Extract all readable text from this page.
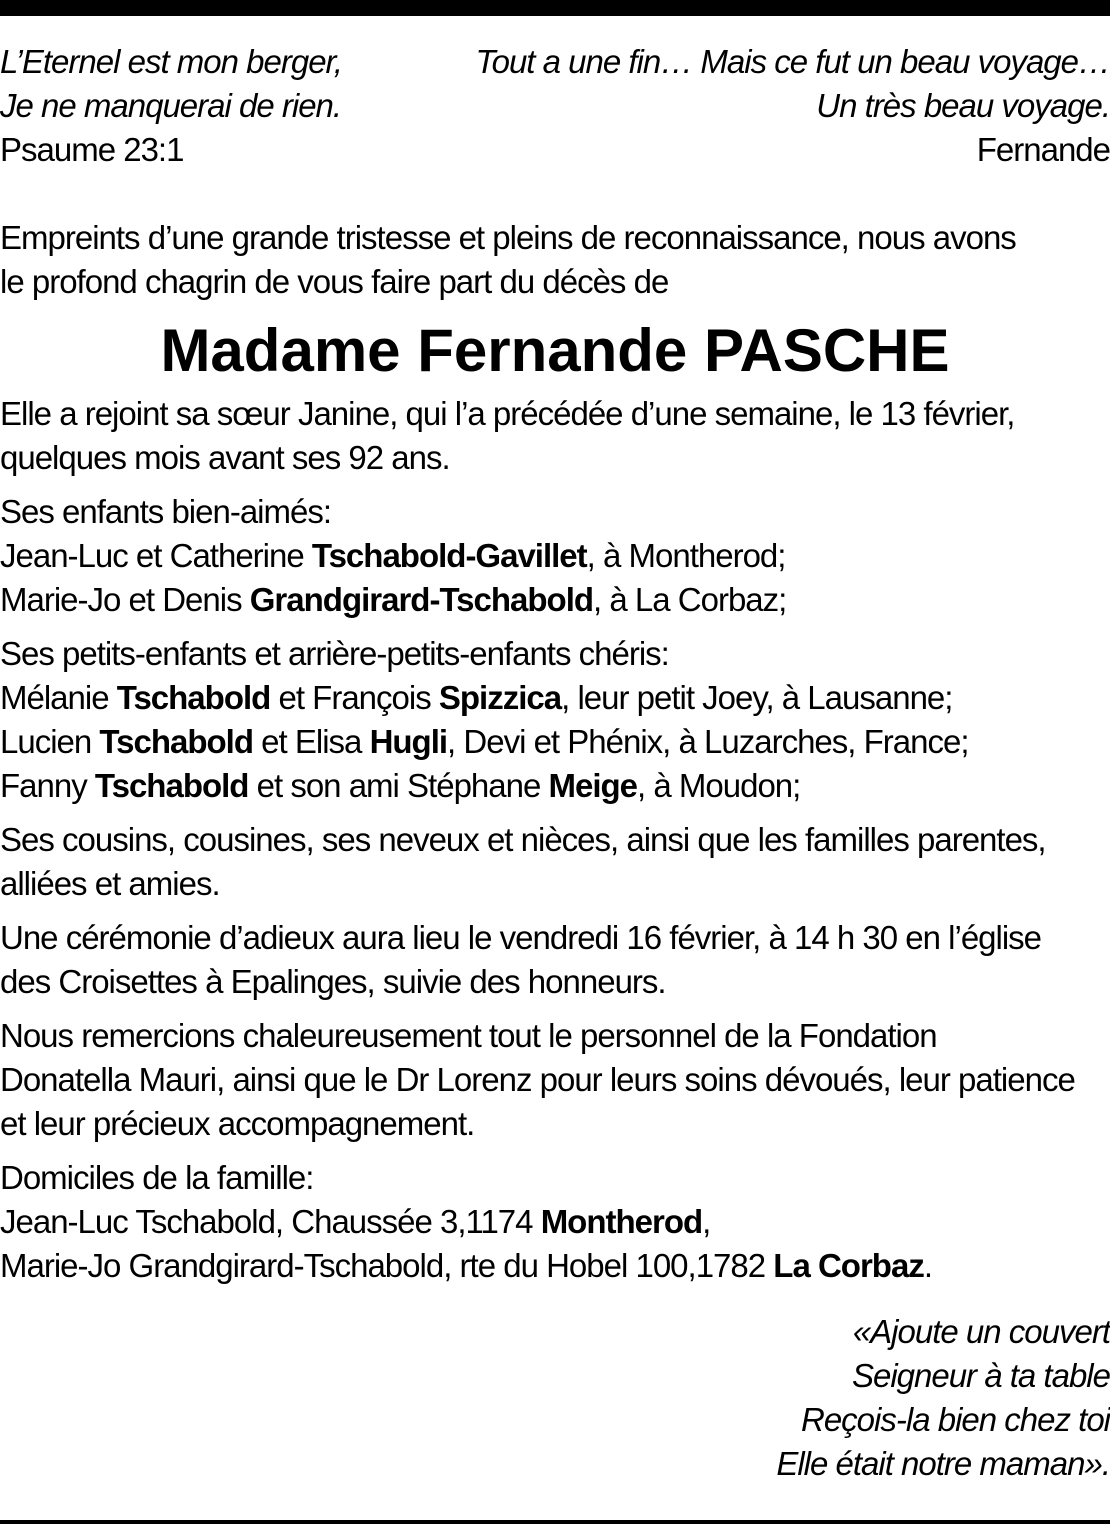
L’Eternel est mon berger,
Je ne manquerai de rien.
Psaume 23:1
Tout a une fin… Mais ce fut un beau voyage…
Un très beau voyage.
Fernande
Empreints d’une grande tristesse et pleins de reconnaissance, nous avons
le profond chagrin de vous faire part du décès de
Madame Fernande PASCHE
Elle a rejoint sa sœur Janine, qui l’a précédée d’une semaine, le 13 février,
quelques mois avant ses 92 ans.
Ses enfants bien-aimés:
Jean-Luc et Catherine Tschabold-Gavillet, à Montherod;
Marie-Jo et Denis Grandgirard-Tschabold, à La Corbaz;
Ses petits-enfants et arrière-petits-enfants chéris:
Mélanie Tschabold et François Spizzica, leur petit Joey, à Lausanne;
Lucien Tschabold et Elisa Hugli, Devi et Phénix, à Luzarches, France;
Fanny Tschabold et son ami Stéphane Meige, à Moudon;
Ses cousins, cousines, ses neveux et nièces, ainsi que les familles parentes,
alliées et amies.
Une cérémonie d’adieux aura lieu le vendredi 16 février, à 14 h 30 en l’église
des Croisettes à Epalinges, suivie des honneurs.
Nous remercions chaleureusement tout le personnel de la Fondation
Donatella Mauri, ainsi que le Dr Lorenz pour leurs soins dévoués, leur patience
et leur précieux accompagnement.
Domiciles de la famille:
Jean-Luc Tschabold, Chaussée 3,1174 Montherod,
Marie-Jo Grandgirard-Tschabold, rte du Hobel 100,1782 La Corbaz.
«Ajoute un couvert
Seigneur à ta table
Reçois-la bien chez toi
Elle était notre maman».
